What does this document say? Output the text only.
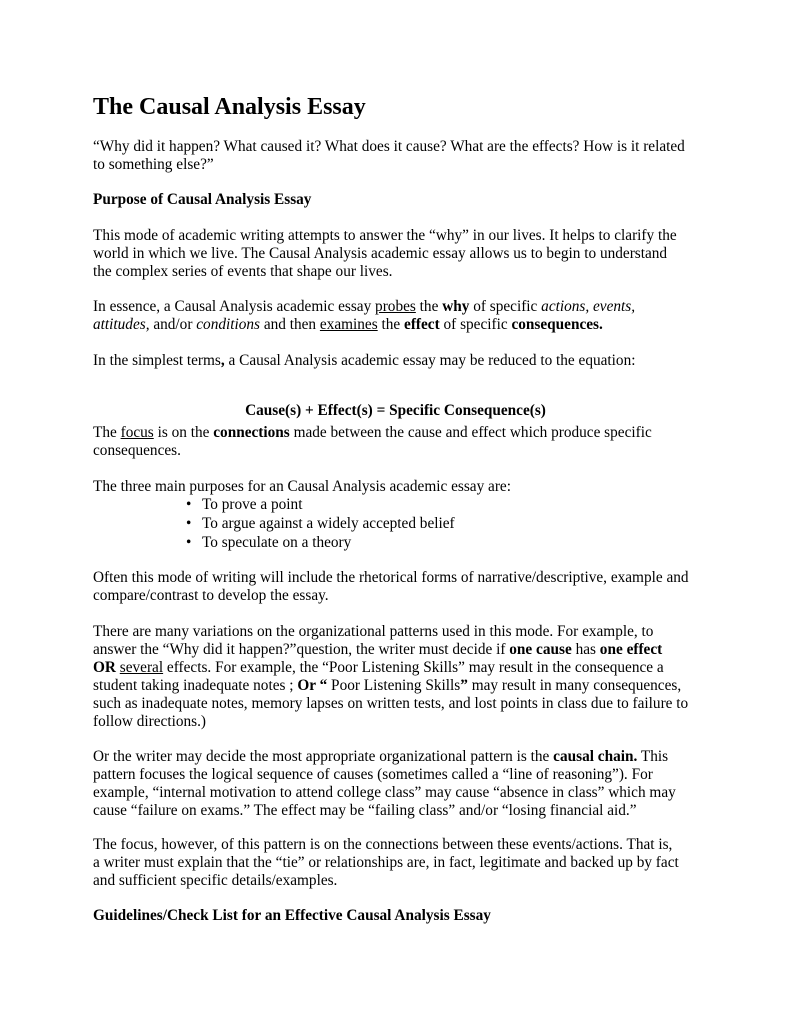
The Causal Analysis Essay

“Why did it happen? What caused it? What does it cause? What are the effects? How is it related
to something else?”

Purpose of Causal Analysis Essay

This mode of academic writing attempts to answer the “why” in our lives. It helps to clarify the
world in which we live. The Causal Analysis academic essay allows us to begin to understand
the complex series of events that shape our lives.

In essence, a Causal Analysis academic essay probes the why of specific actions, events,
attitudes, and/or conditions and then examines the effect of specific consequences.

In the simplest terms, a Causal Analysis academic essay may be reduced to the equation:

Cause(s) + Effect(s) = Specific Consequence(s)

The focus is on the connections made between the cause and effect which produce specific
consequences.

The three main purposes for an Causal Analysis academic essay are:

• To prove a point
• To argue against a widely accepted belief
• To speculate on a theory

Often this mode of writing will include the rhetorical forms of narrative/descriptive, example and
compare/contrast to develop the essay.

There are many variations on the organizational patterns used in this mode. For example, to
answer the “Why did it happen?”question, the writer must decide if one cause has one effect
OR several effects. For example, the “Poor Listening Skills” may result in the consequence a
student taking inadequate notes ; Or “ Poor Listening Skills” may result in many consequences,
such as inadequate notes, memory lapses on written tests, and lost points in class due to failure to
follow directions.)

Or the writer may decide the most appropriate organizational pattern is the causal chain. This
pattern focuses the logical sequence of causes (sometimes called a “line of reasoning”). For
example, “internal motivation to attend college class” may cause “absence in class” which may
cause “failure on exams.” The effect may be “failing class” and/or “losing financial aid.”

The focus, however, of this pattern is on the connections between these events/actions. That is,
a writer must explain that the “tie” or relationships are, in fact, legitimate and backed up by fact
and sufficient specific details/examples.

Guidelines/Check List for an Effective Causal Analysis Essay
